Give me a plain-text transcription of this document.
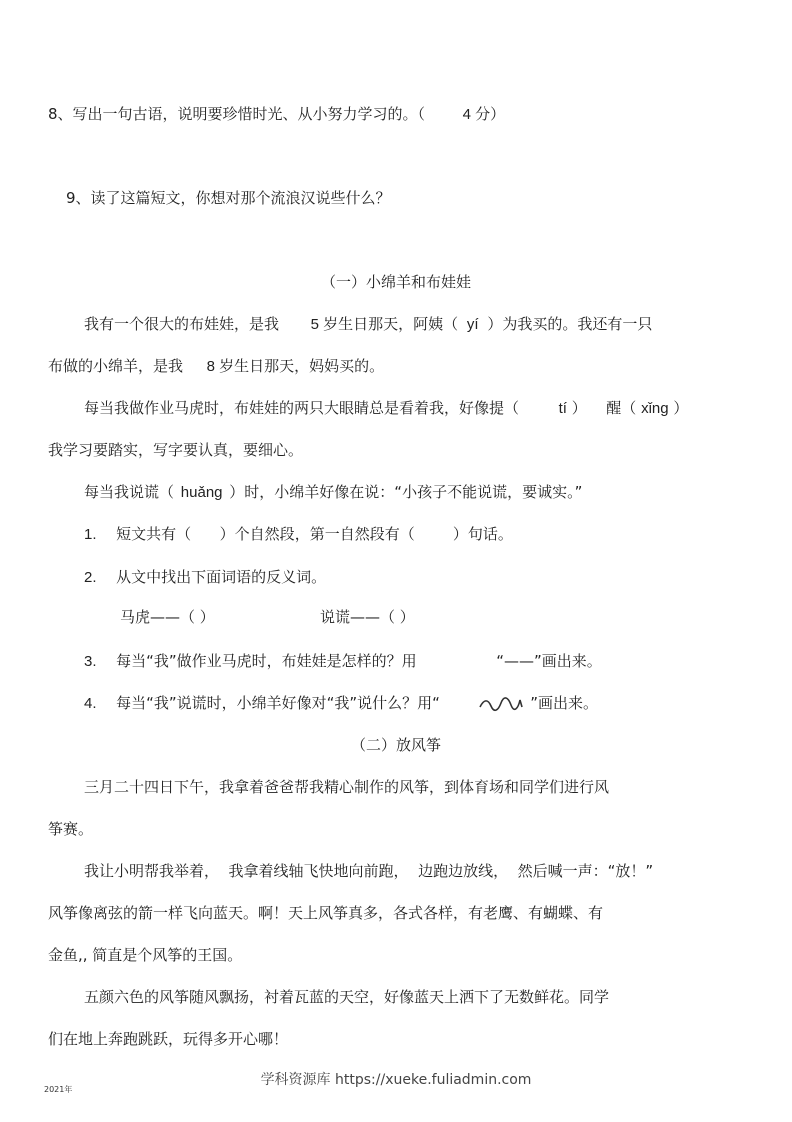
8、写出一句古语，说明要珍惜时光、从小努力学习的。（	4 分）
9、读了这篇短文，你想对那个流浪汉说些什么？
（一）小绵羊和布娃娃
我有一个很大的布娃娃，是我 5 岁生日那天，阿姨（ yí ）为我买的。我还有一只
布做的小绵羊，是我 8 岁生日那天，妈妈买的。
每当我做作业马虎时，布娃娃的两只大眼睛总是看着我，好像提（	tí ） 醒（ xǐnɡ ）
我学习要踏实，写字要认真，要细心。
每当我说谎（ huǎnɡ ）时，小绵羊好像在说：“小孩子不能说谎，要诚实。”
1. 短文共有（      ）个自然段，第一自然段有（        ）句话。
2. 从文中找出下面词语的反义词。
马虎——（ ）	说谎——（ ）
3. 每当“我”做作业马虎时，布娃娃是怎样的？用	“——”画出来。
4. 每当“我”说谎时，小绵羊好像对“我”说什么？用“	”画出来。
（二）放风筝
三月二十四日下午，我拿着爸爸帮我精心制作的风筝，到体育场和同学们进行风
筝赛。
我让小明帮我举着，  我拿着线轴飞快地向前跑，  边跑边放线，  然后喊一声：“放！”
风筝像离弦的箭一样飞向蓝天。啊！天上风筝真多，各式各样，有老鹰、有蝴蝶、有
金鱼,, 简直是个风筝的王国。
五颜六色的风筝随风飘扬，衬着瓦蓝的天空，好像蓝天上洒下了无数鲜花。同学
们在地上奔跑跳跃，玩得多开心哪！
2021年
学科资源库 https://xueke.fuliadmin.com
